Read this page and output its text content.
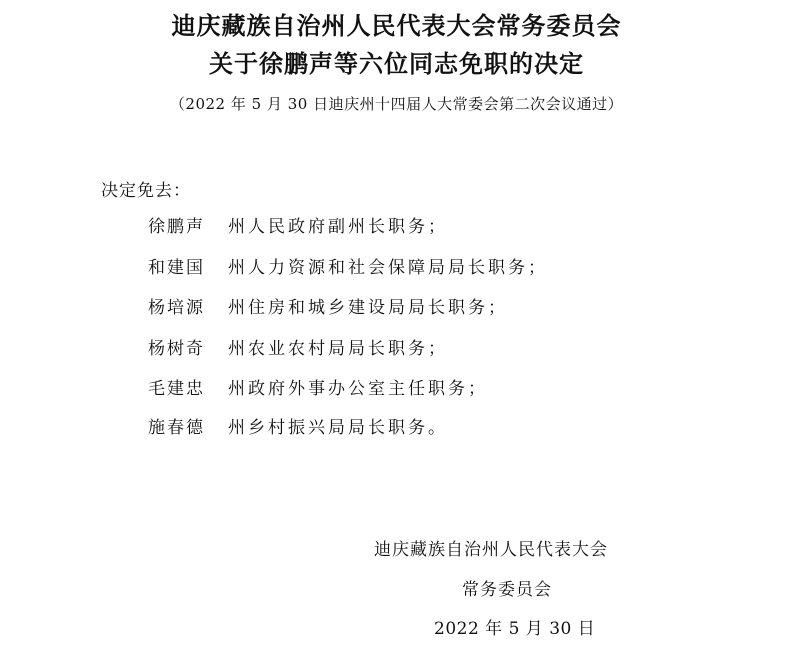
迪庆藏族自治州人民代表大会常务委员会
关于徐鹏声等六位同志免职的决定
（2022 年 5 月 30 日迪庆州十四届人大常委会第二次会议通过）
决定免去：
徐鹏声	州人民政府副州长职务；
和建国	州人力资源和社会保障局局长职务；
杨培源	州住房和城乡建设局局长职务；
杨树奇	州农业农村局局长职务；
毛建忠	州政府外事办公室主任职务；
施春德	州乡村振兴局局长职务。
迪庆藏族自治州人民代表大会
常务委员会
2022 年 5 月 30 日
